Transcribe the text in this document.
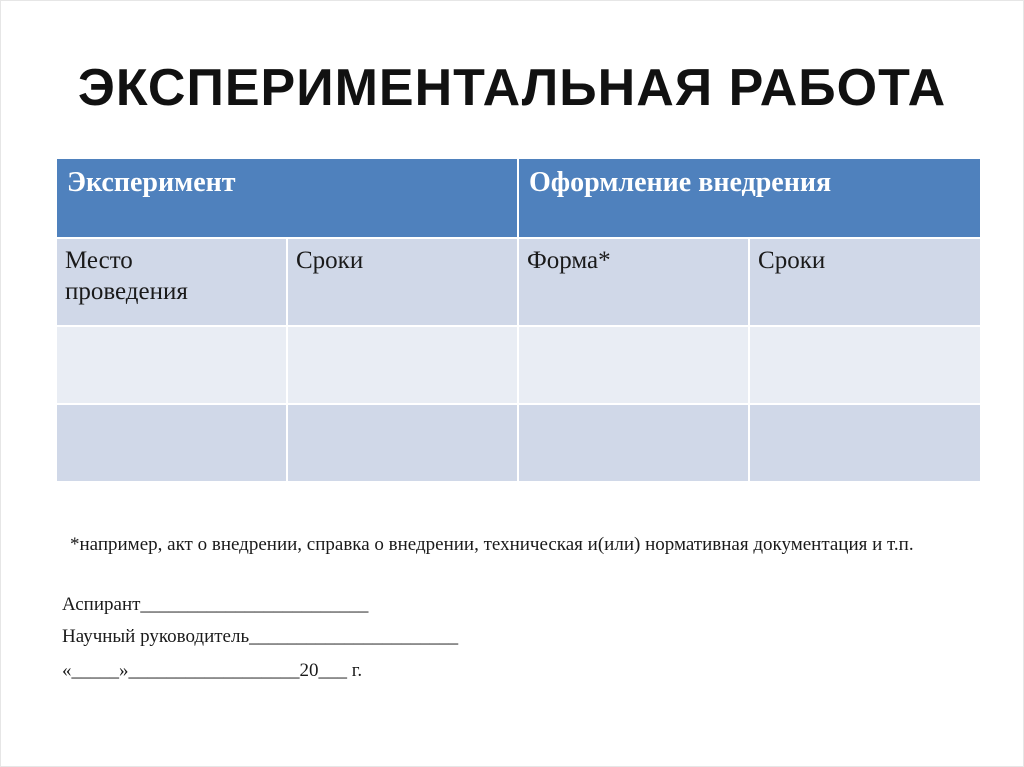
ЭКСПЕРИМЕНТАЛЬНАЯ РАБОТА
Эксперимент		Оформление внедрения	

Место проведения	Сроки	Форма*	Сроки

*например, акт о внедрении, справка о внедрении, техническая и(или) нормативная документация и т.п.
Аспирант________________________
Научный руководитель______________________
«_____»__________________20___ г.
